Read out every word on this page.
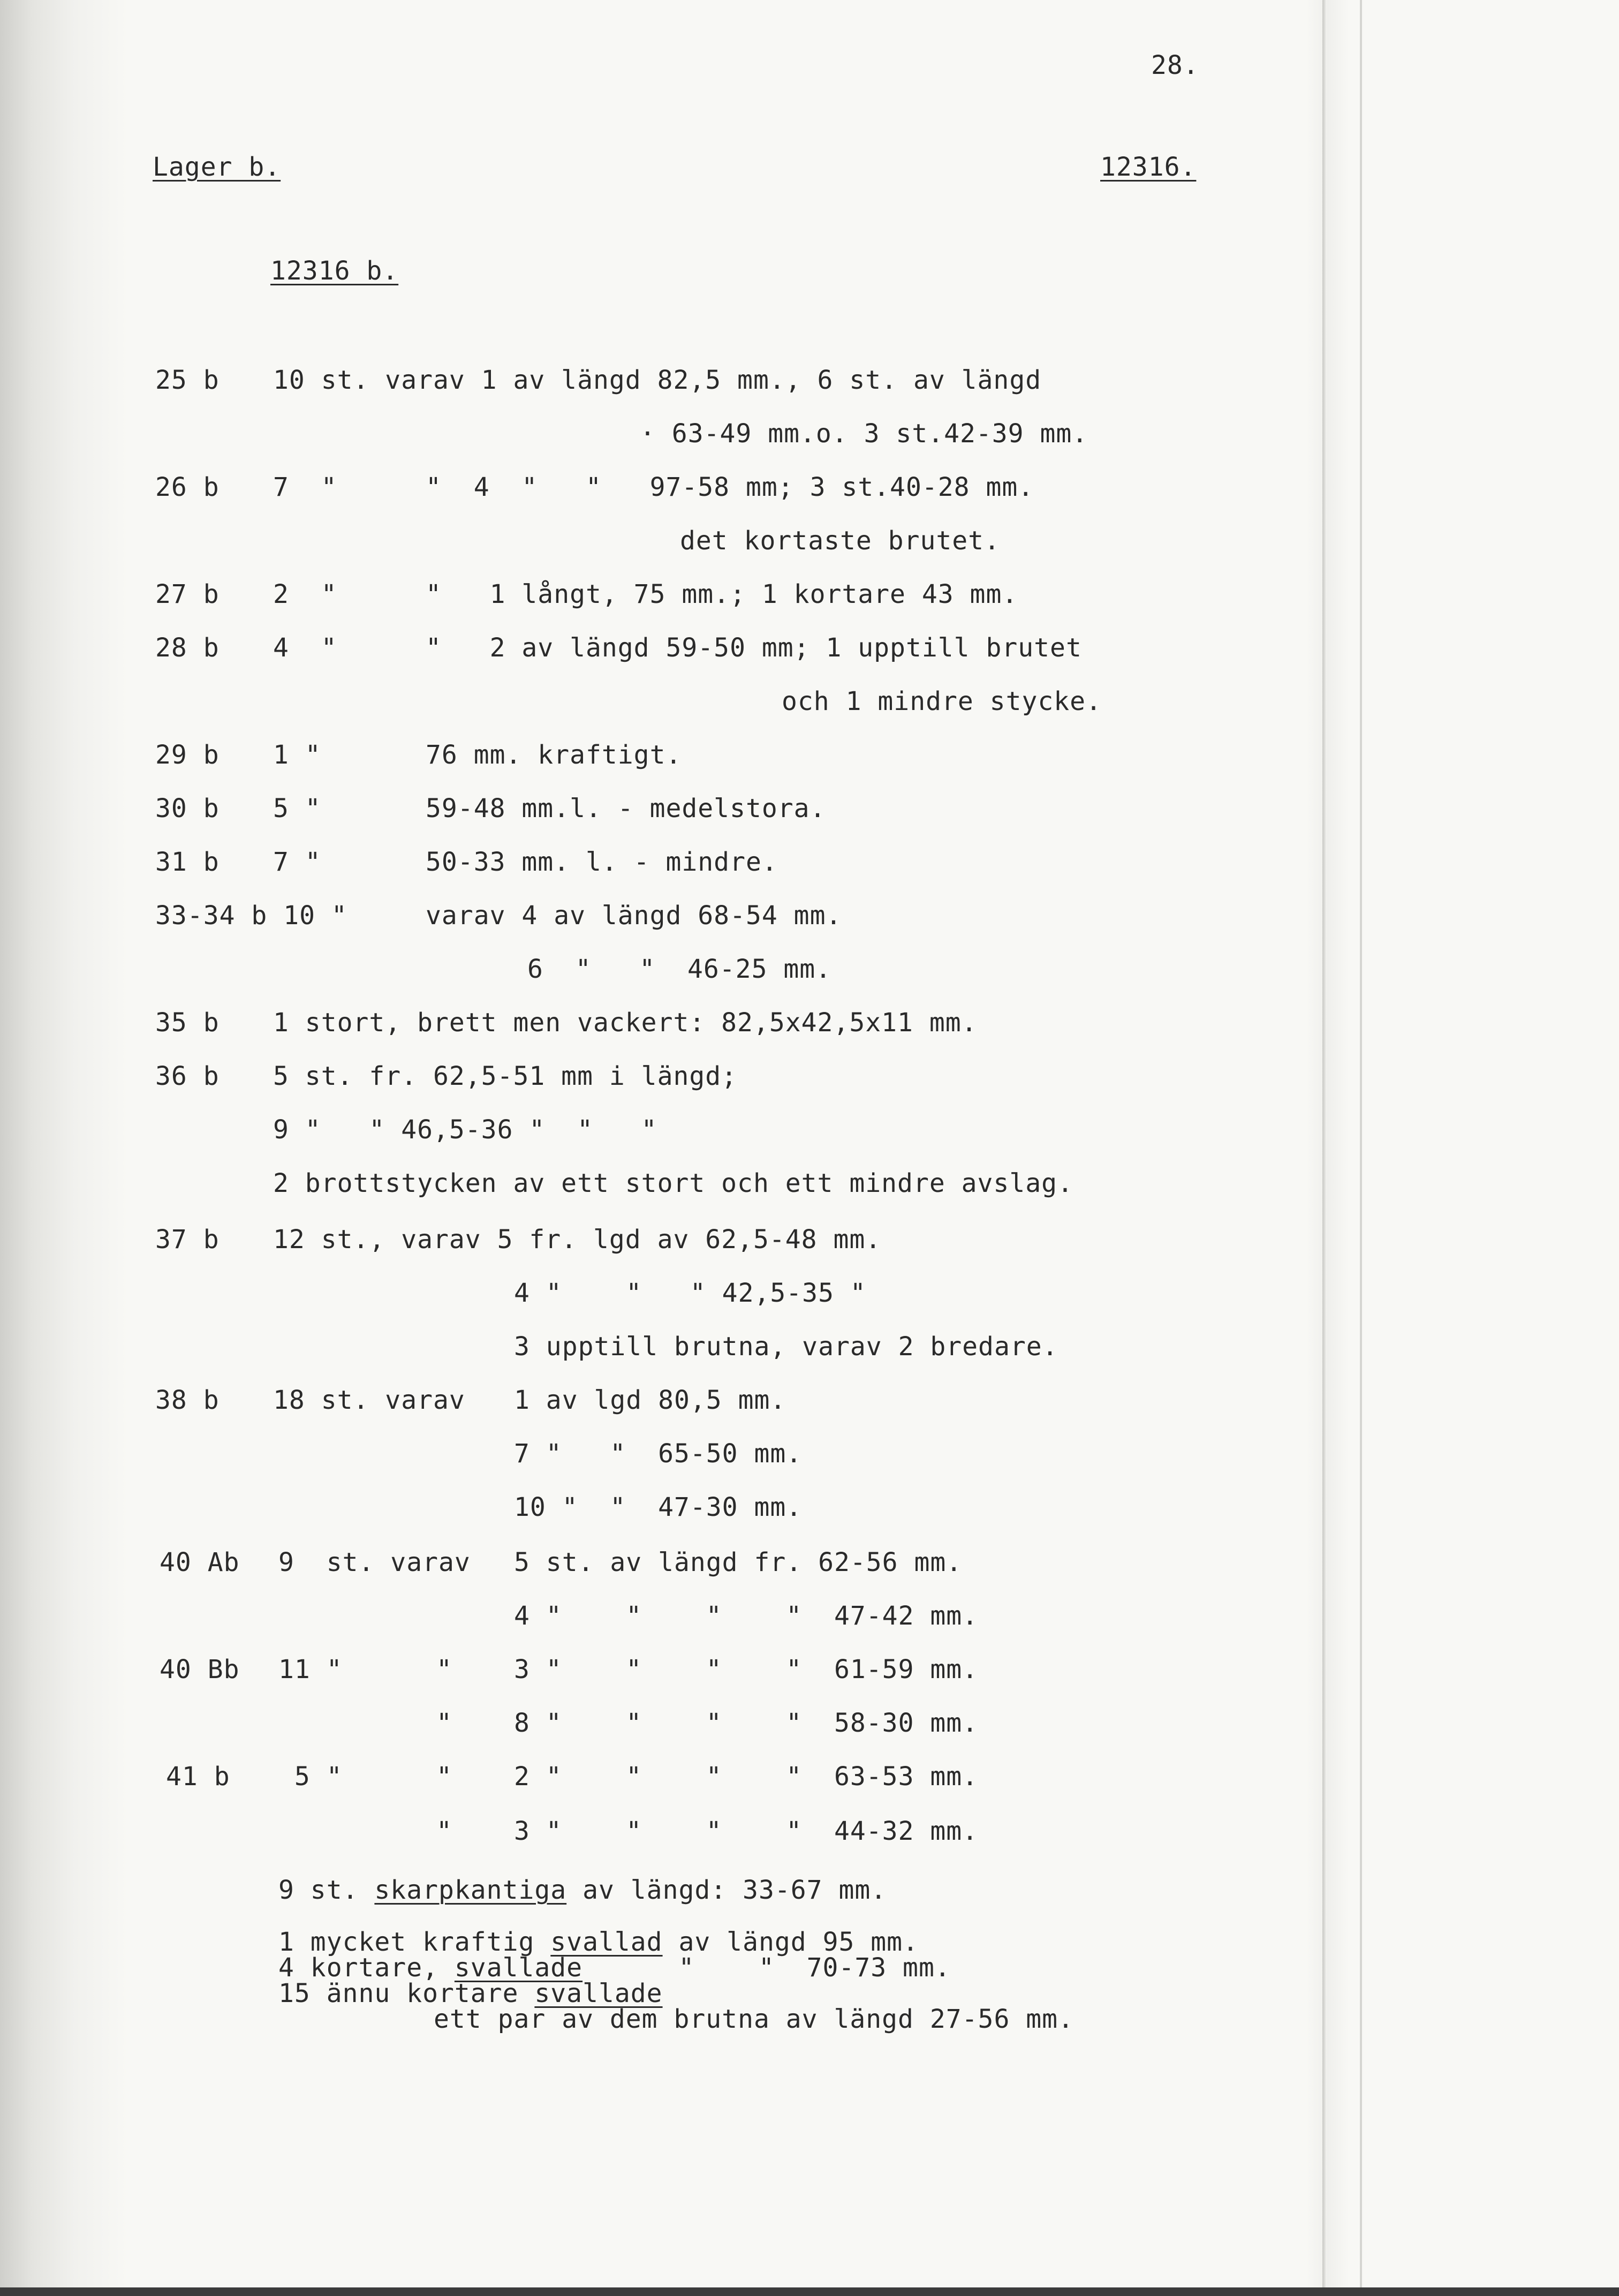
28.
Lager b.	12316.
12316 b.
25 b 10 st. varav 1 av längd 82,5 mm., 6 st. av längd
· 63-49 mm.o. 3 st.42-39 mm.
26 b 7  "	"  4  "   "   97-58 mm; 3 st.40-28 mm.
det kortaste brutet.
27 b 2  "	"   1 långt, 75 mm.; 1 kortare 43 mm.
28 b 4  "	"   2 av längd 59-50 mm; 1 upptill brutet
och 1 mindre stycke.
29 b 1 "	76 mm. kraftigt.
30 b 5 "	59-48 mm.l. - medelstora.
31 b 7 "	50-33 mm. l. - mindre.
33-34 b 10 "	varav 4 av längd 68-54 mm.
6  "   "  46-25 mm.
35 b 1 stort, brett men vackert: 82,5x42,5x11 mm.
36 b 5 st. fr. 62,5-51 mm i längd;
9 "   " 46,5-36 "  "   "
2 brottstycken av ett stort och ett mindre avslag.
37 b 12 st., varav 5 fr. lgd av 62,5-48 mm.
4 "    "   " 42,5-35 "
3 upptill brutna, varav 2 bredare.
38 b 18 st. varav 1 av lgd 80,5 mm.
7 "   "  65-50 mm.
10 "  "  47-30 mm.
40 Ab 9  st. varav 5 st. av längd fr. 62-56 mm.
4 "    "    "    "  47-42 mm.
40 Bb 11 "	" 3 "    "    "    "  61-59 mm.
" 8 "    "    "    "  58-30 mm.
41 b 5 "	" 2 "    "    "    "  63-53 mm.
" 3 "    "    "    "  44-32 mm.
9 st. skarpkantiga av längd: 33-67 mm.
1 mycket kraftig svallad av längd 95 mm.
4 kortare, svallade      "    "  70-73 mm.
15 ännu kortare svallade
ett par av dem brutna av längd 27-56 mm.
